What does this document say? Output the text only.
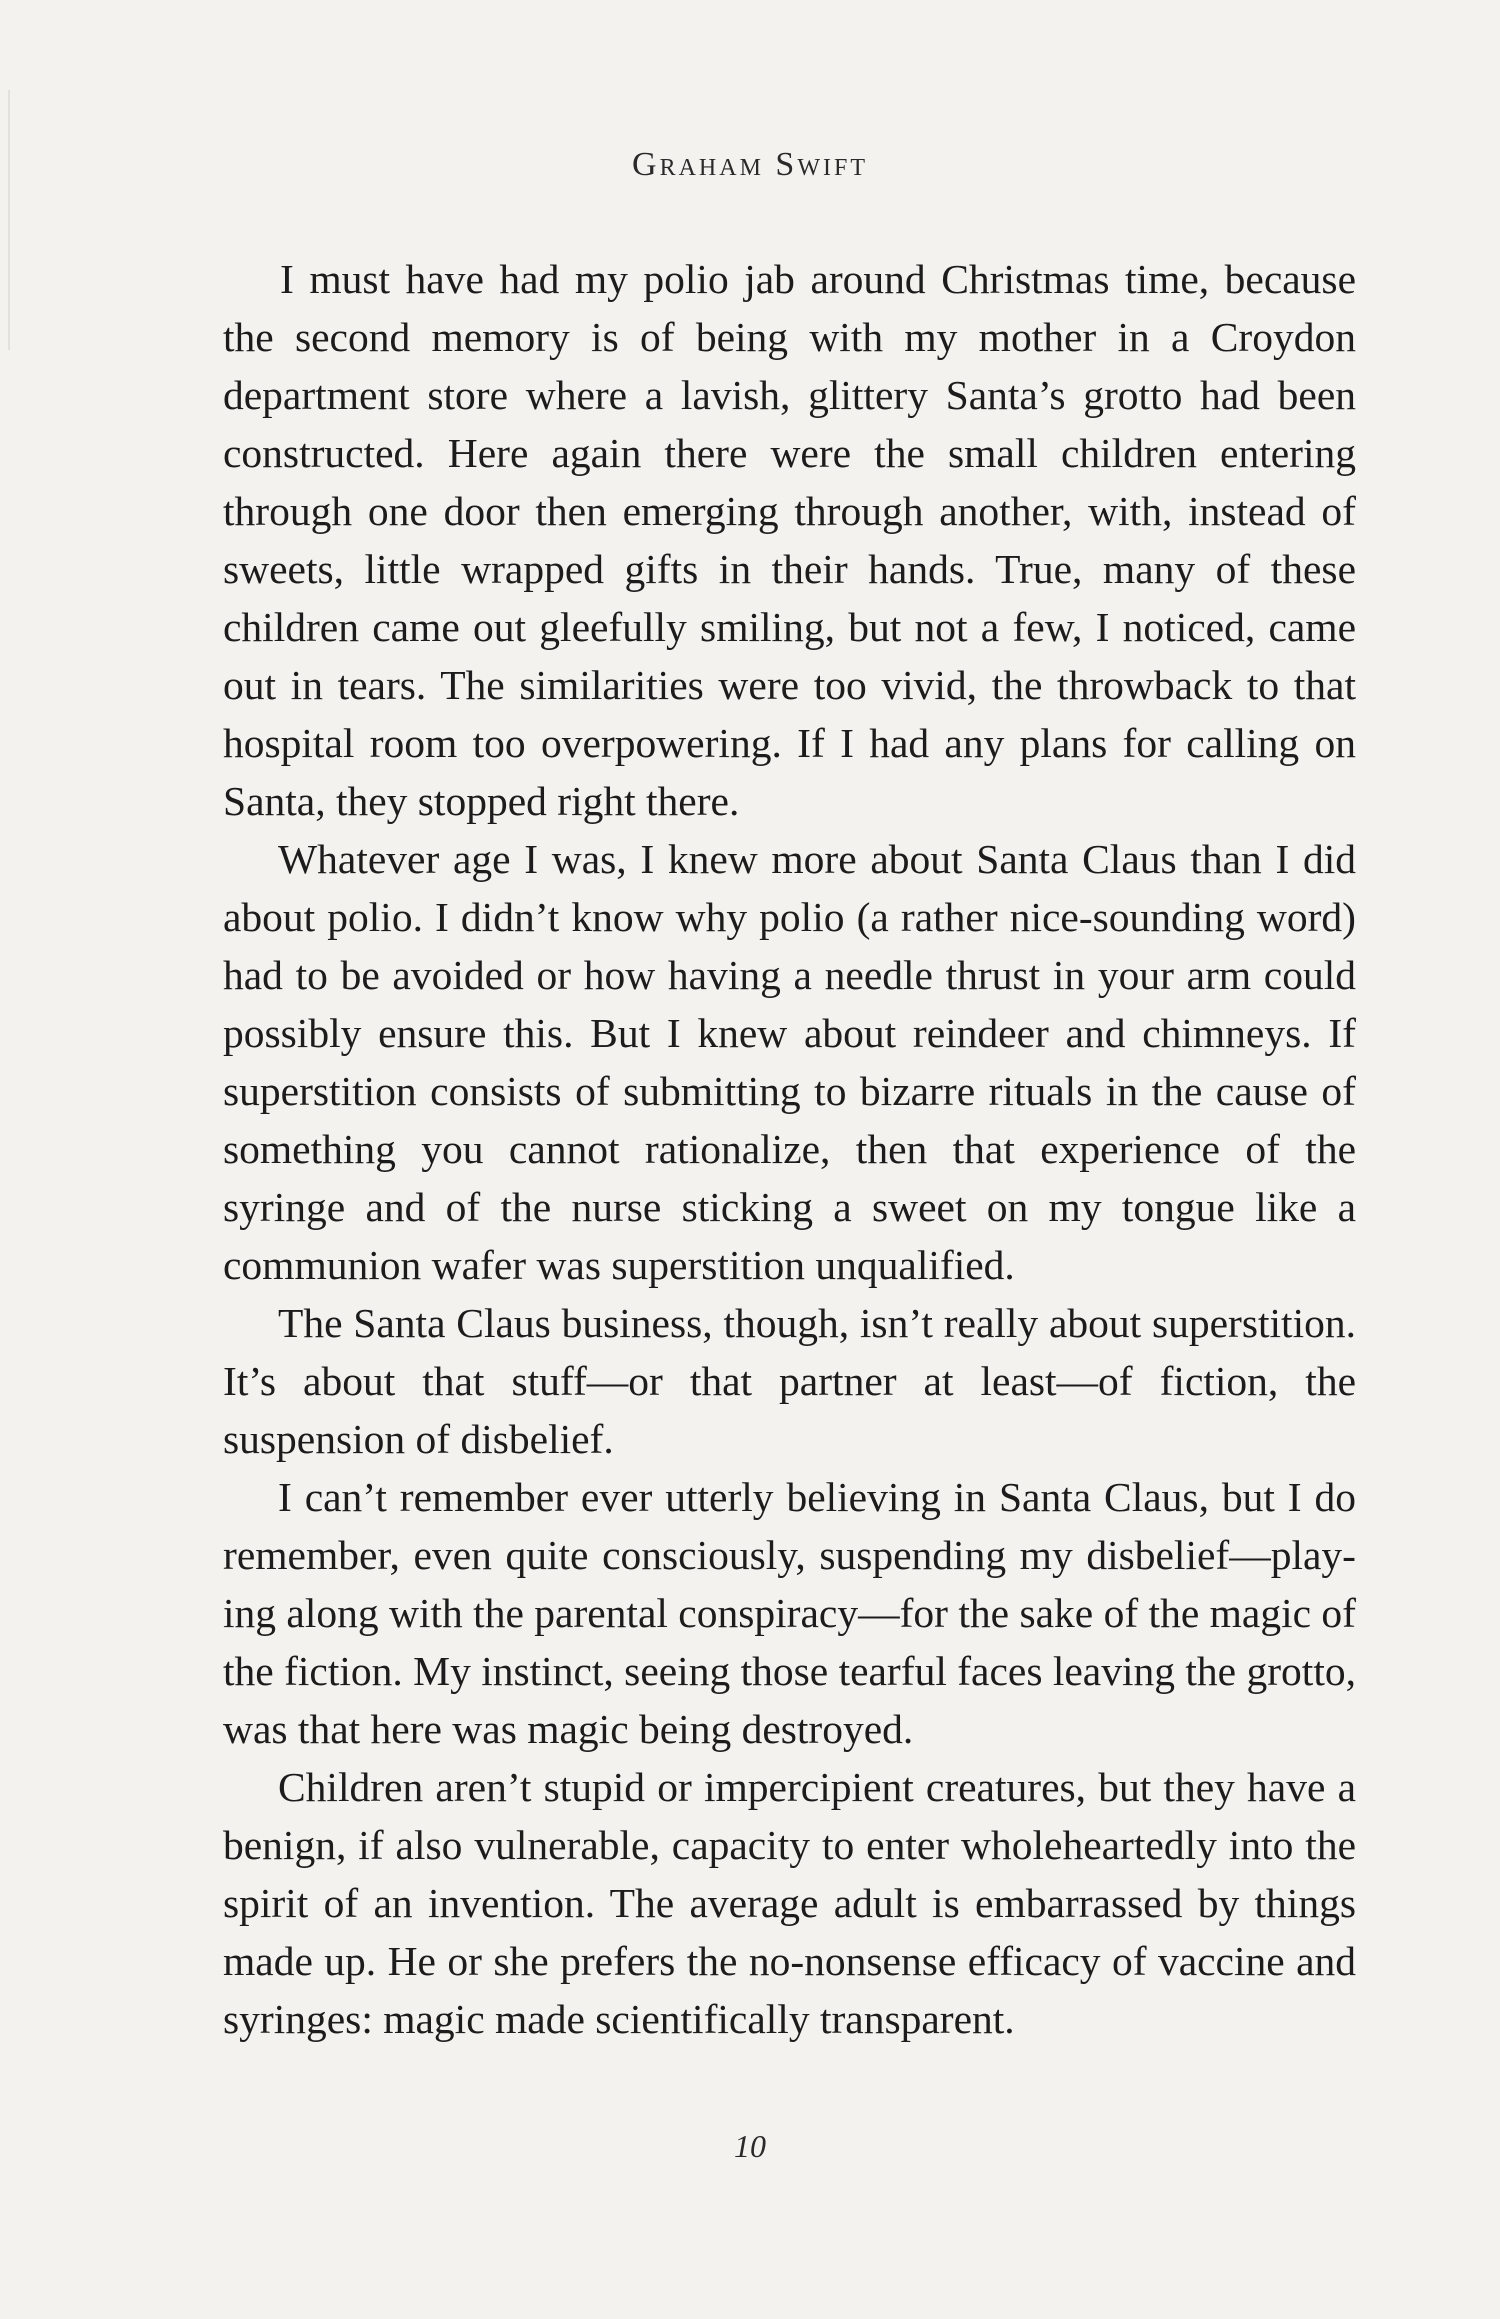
Graham Swift

I must have had my polio jab around Christmas time, because the second memory is of being with my mother in a Croydon department store where a lavish, glittery Santa’s grotto had been constructed. Here again there were the small children entering through one door then emerging through another, with, instead of sweets, little wrapped gifts in their hands. True, many of these children came out gleefully smiling, but not a few, I noticed, came out in tears. The similarities were too vivid, the throwback to that hospital room too overpowering. If I had any plans for calling on Santa, they stopped right there.

Whatever age I was, I knew more about Santa Claus than I did about polio. I didn’t know why polio (a rather nice-sounding word) had to be avoided or how having a needle thrust in your arm could possibly ensure this. But I knew about reindeer and chimneys. If superstition consists of submitting to bizarre rituals in the cause of something you cannot rationalize, then that experience of the syringe and of the nurse sticking a sweet on my tongue like a communion wafer was superstition unqualified.

The Santa Claus business, though, isn’t really about superstition. It’s about that stuff—or that partner at least—of fiction, the suspension of disbelief.

I can’t remember ever utterly believing in Santa Claus, but I do remember, even quite consciously, suspending my disbelief—playing along with the parental conspiracy—for the sake of the magic of the fiction. My instinct, seeing those tearful faces leaving the grotto, was that here was magic being destroyed.

Children aren’t stupid or impercipient creatures, but they have a benign, if also vulnerable, capacity to enter wholeheartedly into the spirit of an invention. The average adult is embarrassed by things made up. He or she prefers the no-nonsense efficacy of vaccine and syringes: magic made scientifically transparent.

10
